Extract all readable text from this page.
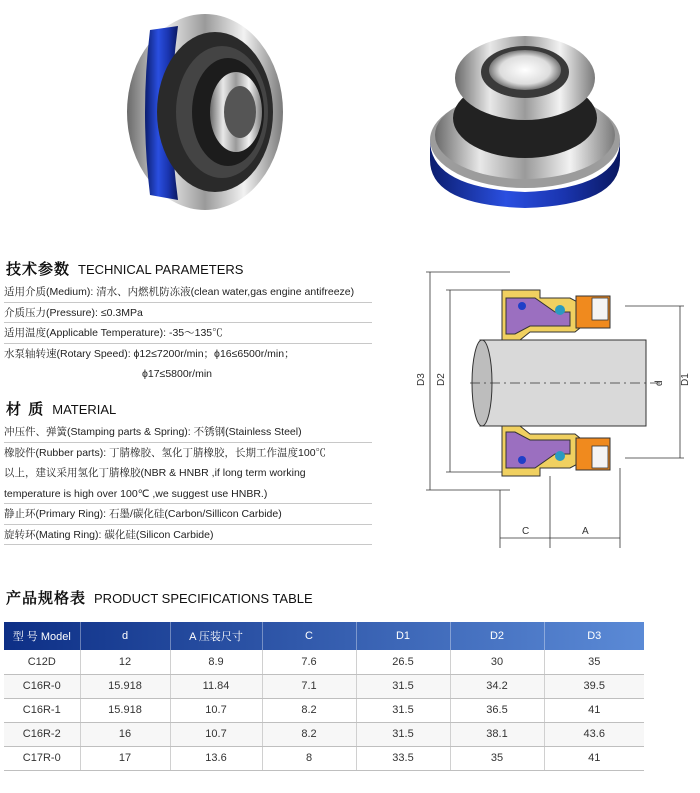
技术参数 TECHNICAL PARAMETERS
适用介质(Medium): 清水、内燃机防冻液(clean water,gas engine antifreeze)
介质压力(Pressure): ≤0.3MPa
适用温度(Applicable Temperature): -35～135℃
水泵轴转速(Rotary Speed): ϕ12≤7200r/min；ϕ16≤6500r/min；
ϕ17≤5800r/min
材 质 MATERIAL
冲压件、弹簧(Stamping parts & Spring): 不锈钢(Stainless Steel)
橡胶件(Rubber parts): 丁腈橡胶、氢化丁腈橡胶，长期工作温度100℃
以上，建议采用氢化丁腈橡胶(NBR & HNBR ,if long term working
temperature is high over 100℃ ,we suggest use HNBR.)
静止环(Primary Ring): 石墨/碳化硅(Carbon/Sillicon Carbide)
旋转环(Mating Ring): 碳化硅(Silicon Carbide)
D3 D2	d D1
C	A
产品规格表 PRODUCT SPECIFICATIONS TABLE
型 号 Model	d	A 压装尺寸	C	D1	D2	D3
C12D	12	8.9	7.6	26.5	30	35
C16R-0	15.918	11.84	7.1	31.5	34.2	39.5
C16R-1	15.918	10.7	8.2	31.5	36.5	41
C16R-2	16	10.7	8.2	31.5	38.1	43.6
C17R-0	17	13.6	8	33.5	35	41
